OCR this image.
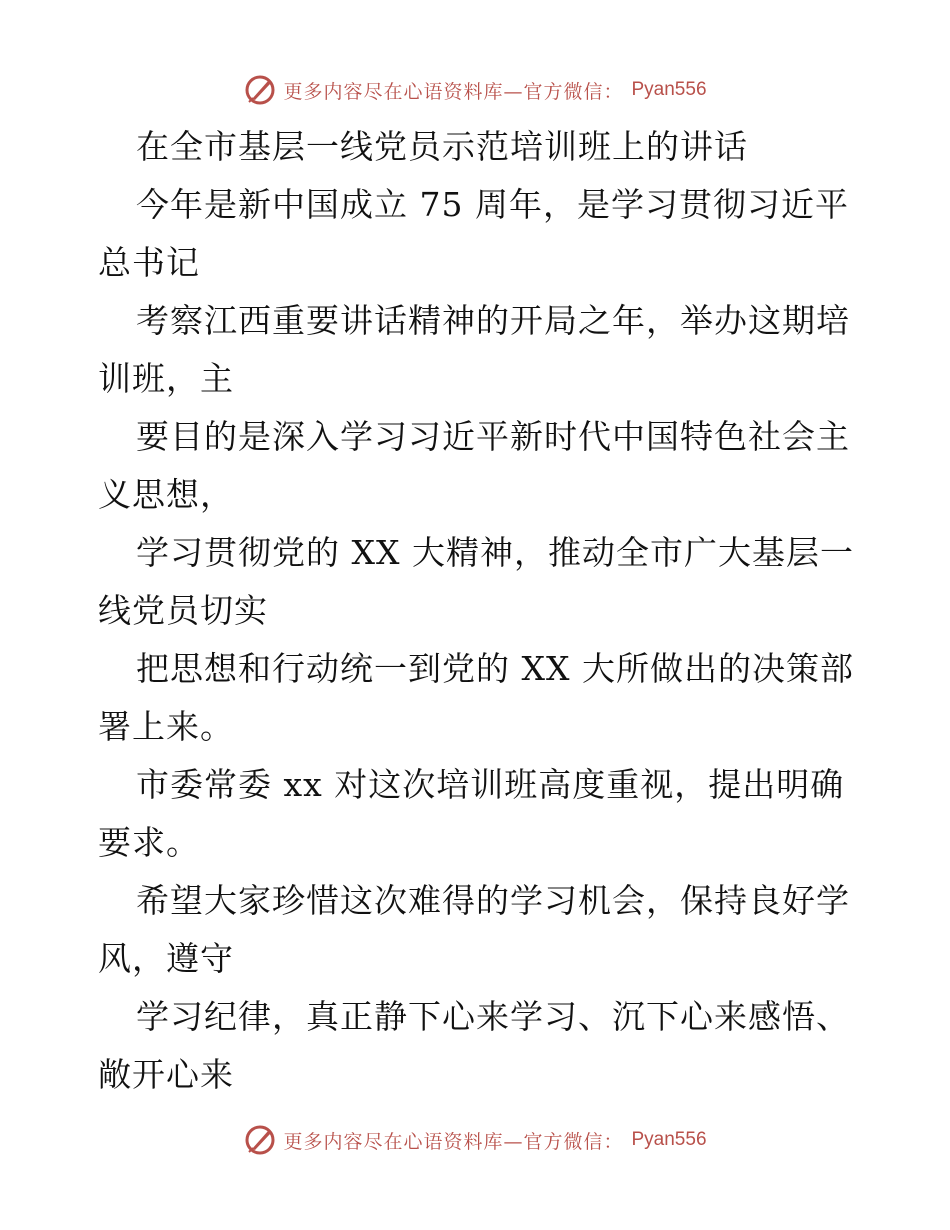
更多内容尽在心语资料库—官方微信： Pyan556
在全市基层一线党员示范培训班上的讲话
今年是新中国成立 75 周年，是学习贯彻习近平
总书记
考察江西重要讲话精神的开局之年，举办这期培
训班，主
要目的是深入学习习近平新时代中国特色社会主
义思想，
学习贯彻党的 XX 大精神，推动全市广大基层一
线党员切实
把思想和行动统一到党的 XX 大所做出的决策部
署上来。
市委常委 xx 对这次培训班高度重视，提出明确
要求。
希望大家珍惜这次难得的学习机会，保持良好学
风，遵守
学习纪律，真正静下心来学习、沉下心来感悟、
敞开心来
更多内容尽在心语资料库—官方微信： Pyan556
